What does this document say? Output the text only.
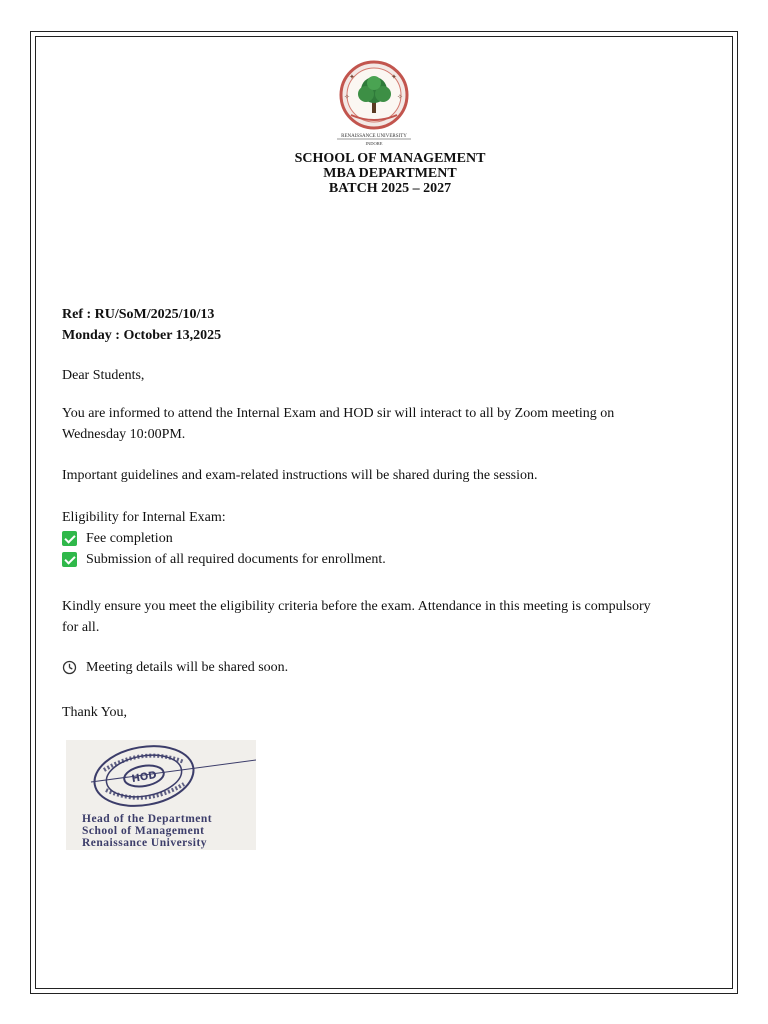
✦	✦
✧	✧
RENAISSANCE UNIVERSITY
INDORE
SCHOOL OF MANAGEMENT
MBA DEPARTMENT
BATCH 2025 – 2027
Ref : RU/SoM/2025/10/13
Monday : October 13,2025
Dear Students,
You are informed to attend the Internal Exam and HOD sir will interact to all by Zoom meeting on
Wednesday 10:00PM.
Important guidelines and exam-related instructions will be shared during the session.
Eligibility for Internal Exam:
Fee completion
Submission of all required documents for enrollment.
Kindly ensure you meet the eligibility criteria before the exam. Attendance in this meeting is compulsory
for all.
Meeting details will be shared soon.
Thank You,
HOD
Head of the Department
School of Management
Renaissance University
